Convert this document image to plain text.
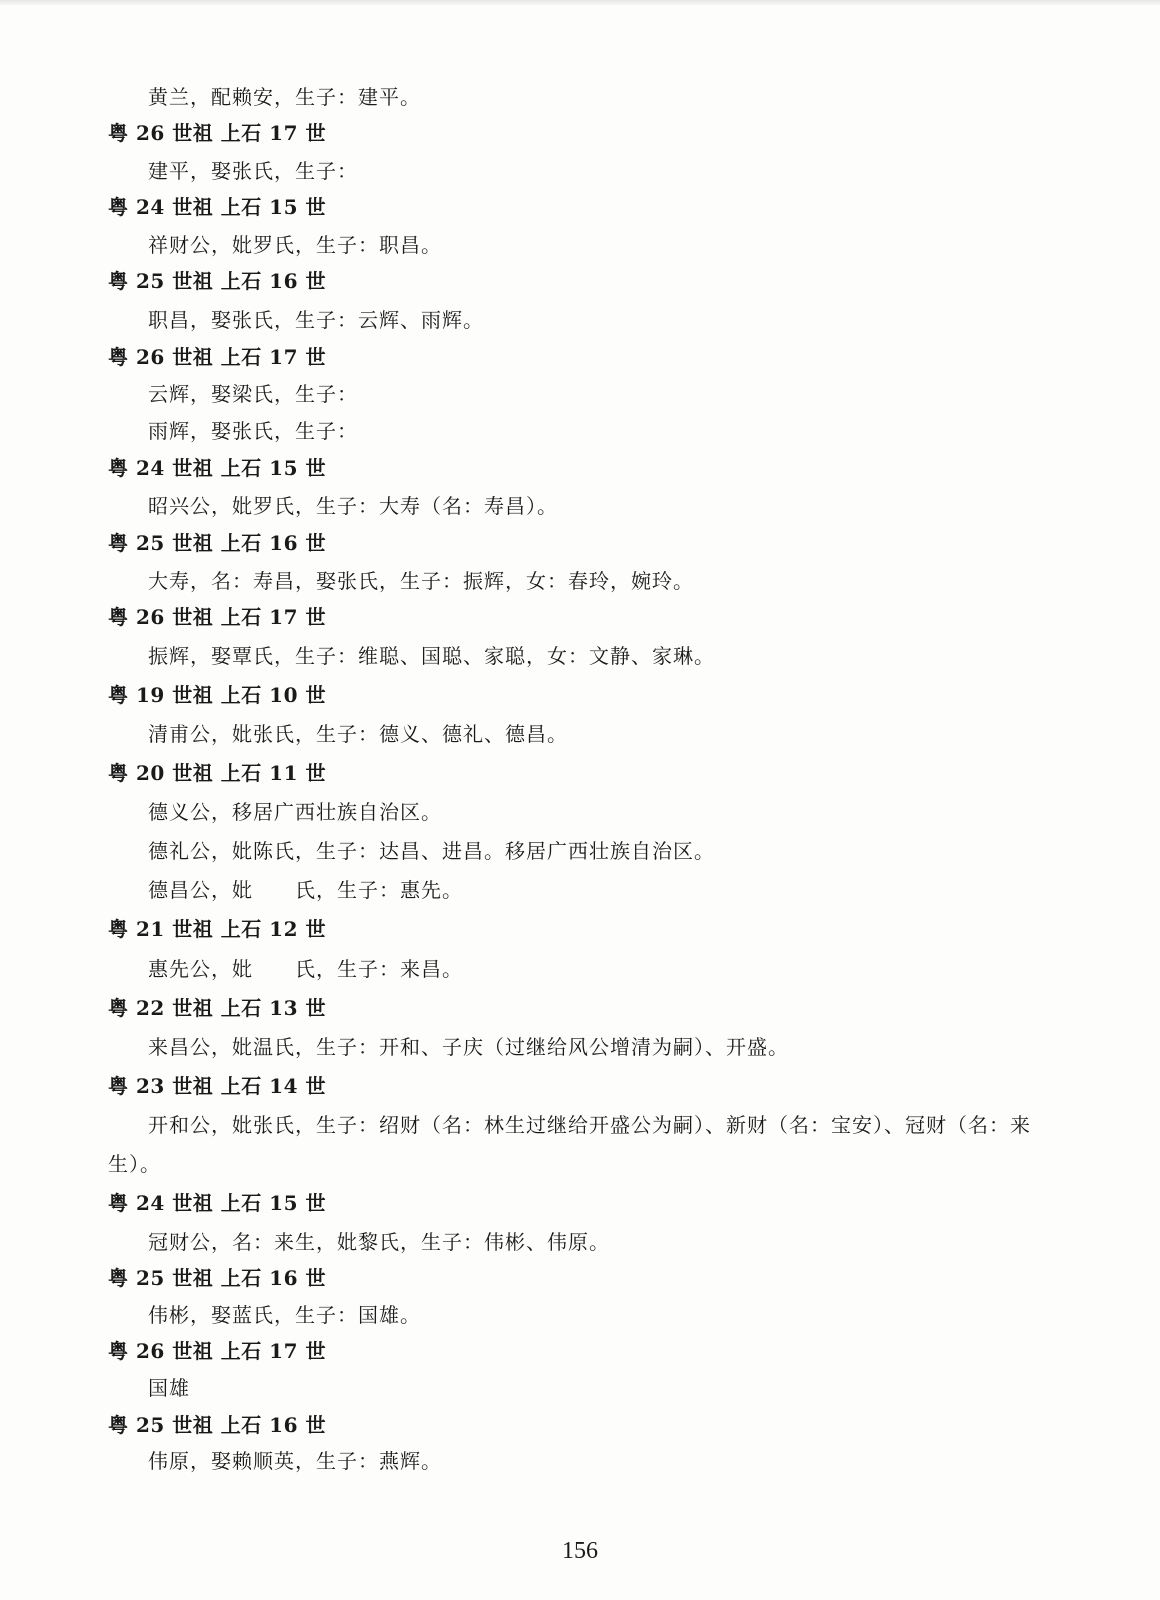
黄兰，配赖安，生子：建平。
粤 26 世祖 上石 17 世
建平，娶张氏，生子：
粤 24 世祖 上石 15 世
祥财公，妣罗氏，生子：职昌。
粤 25 世祖 上石 16 世
职昌，娶张氏，生子：云辉、雨辉。
粤 26 世祖 上石 17 世
云辉，娶梁氏，生子：
雨辉，娶张氏，生子：
粤 24 世祖 上石 15 世
昭兴公，妣罗氏，生子：大寿（名：寿昌）。
粤 25 世祖 上石 16 世
大寿，名：寿昌，娶张氏，生子：振辉，女：春玲，婉玲。
粤 26 世祖 上石 17 世
振辉，娶覃氏，生子：维聪、国聪、家聪，女：文静、家琳。
粤 19 世祖 上石 10 世
清甫公，妣张氏，生子：德义、德礼、德昌。
粤 20 世祖 上石 11 世
德义公，移居广西壮族自治区。
德礼公，妣陈氏，生子：达昌、进昌。移居广西壮族自治区。
德昌公，妣　　氏，生子：惠先。
粤 21 世祖 上石 12 世
惠先公，妣　　氏，生子：来昌。
粤 22 世祖 上石 13 世
来昌公，妣温氏，生子：开和、子庆（过继给风公增清为嗣）、开盛。
粤 23 世祖 上石 14 世
开和公，妣张氏，生子：绍财（名：林生过继给开盛公为嗣）、新财（名：宝安）、冠财（名：来
生）。
粤 24 世祖 上石 15 世
冠财公，名：来生，妣黎氏，生子：伟彬、伟原。
粤 25 世祖 上石 16 世
伟彬，娶蓝氏，生子：国雄。
粤 26 世祖 上石 17 世
国雄
粤 25 世祖 上石 16 世
伟原，娶赖顺英，生子：燕辉。
156
